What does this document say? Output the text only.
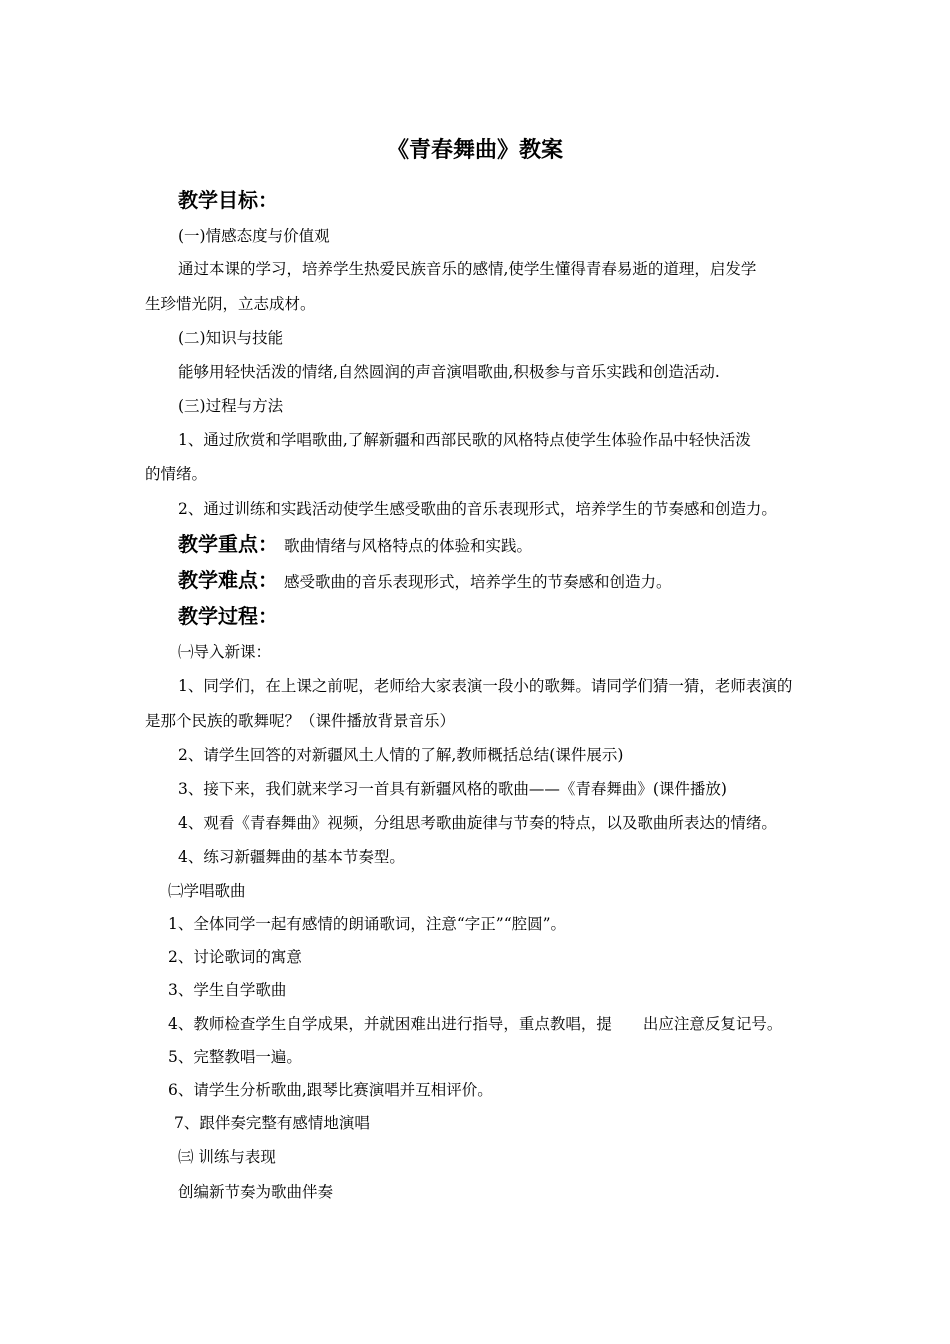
《青春舞曲》教案
教学目标：
(一)情感态度与价值观
通过本课的学习，培养学生热爱民族音乐的感情,使学生懂得青春易逝的道理，启发学
生珍惜光阴，立志成材。
(二)知识与技能
能够用轻快活泼的情绪,自然圆润的声音演唱歌曲,积极参与音乐实践和创造活动.
(三)过程与方法
1、通过欣赏和学唱歌曲,了解新疆和西部民歌的风格特点使学生体验作品中轻快活泼
的情绪。
2、通过训练和实践活动使学生感受歌曲的音乐表现形式，培养学生的节奏感和创造力。
教学重点： 歌曲情绪与风格特点的体验和实践。
教学难点： 感受歌曲的音乐表现形式，培养学生的节奏感和创造力。
教学过程：
㈠导入新课：
1、同学们，在上课之前呢，老师给大家表演一段小的歌舞。请同学们猜一猜，老师表演的
是那个民族的歌舞呢？（课件播放背景音乐）
2、请学生回答的对新疆风土人情的了解,教师概括总结(课件展示)
3、接下来，我们就来学习一首具有新疆风格的歌曲——《青春舞曲》(课件播放)
4、观看《青春舞曲》视频，分组思考歌曲旋律与节奏的特点，以及歌曲所表达的情绪。
4、练习新疆舞曲的基本节奏型。
㈡学唱歌曲
1、全体同学一起有感情的朗诵歌词，注意“字正”“腔圆”。
2、讨论歌词的寓意
3、学生自学歌曲
4、教师检查学生自学成果，并就困难出进行指导，重点教唱，提　　出应注意反复记号。
5、完整教唱一遍。
6、请学生分析歌曲,跟琴比赛演唱并互相评价。
7、跟伴奏完整有感情地演唱
㈢ 训练与表现
创编新节奏为歌曲伴奏
